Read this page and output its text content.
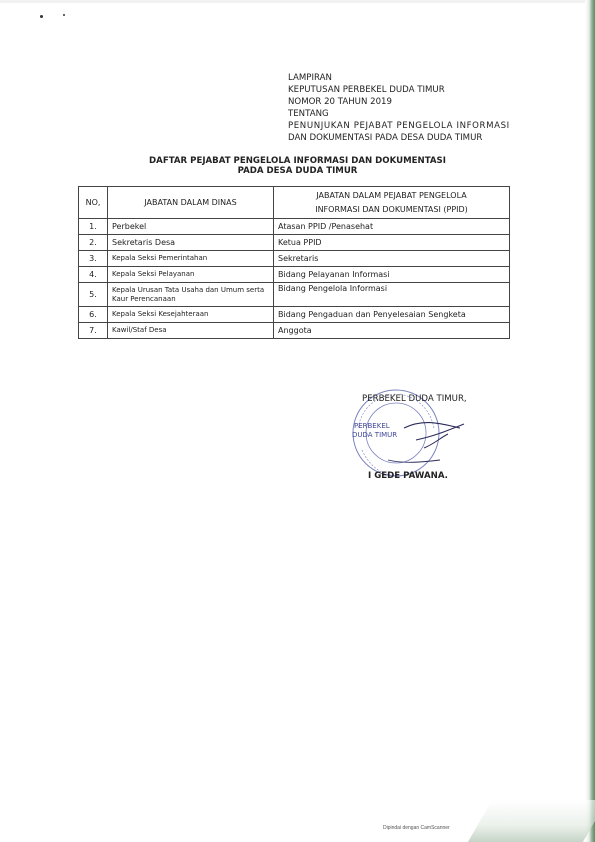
LAMPIRAN
KEPUTUSAN PERBEKEL DUDA TIMUR
NOMOR 20 TAHUN 2019
TENTANG
PENUNJUKAN PEJABAT PENGELOLA INFORMASI
DAN DOKUMENTASI PADA DESA DUDA TIMUR
DAFTAR PEJABAT PENGELOLA INFORMASI DAN DOKUMENTASI
PADA DESA DUDA TIMUR
NO,	JABATAN DALAM DINAS	JABATAN DALAM PEJABAT PENGELOLA
INFORMASI DAN DOKUMENTASI (PPID)

1.	Perbekel	Atasan PPID /Penasehat
2.	Sekretaris Desa	Ketua PPID
3.	Kepala Seksi Pemerintahan	Sekretaris
4.	Kepala Seksi Pelayanan	Bidang Pelayanan Informasi
5.	Kepala Urusan Tata Usaha dan Umum serta Kaur Perencanaan	Bidang Pengelola Informasi
6.	Kepala Seksi Kesejahteraan	Bidang Pengaduan dan Penyelesaian Sengketa
7.	Kawil/Staf Desa	Anggota
PERBEKEL
DUDA TIMUR
PERBEKEL DUDA TIMUR,
I GEDE PAWANA.
Dipindai dengan CamScanner
